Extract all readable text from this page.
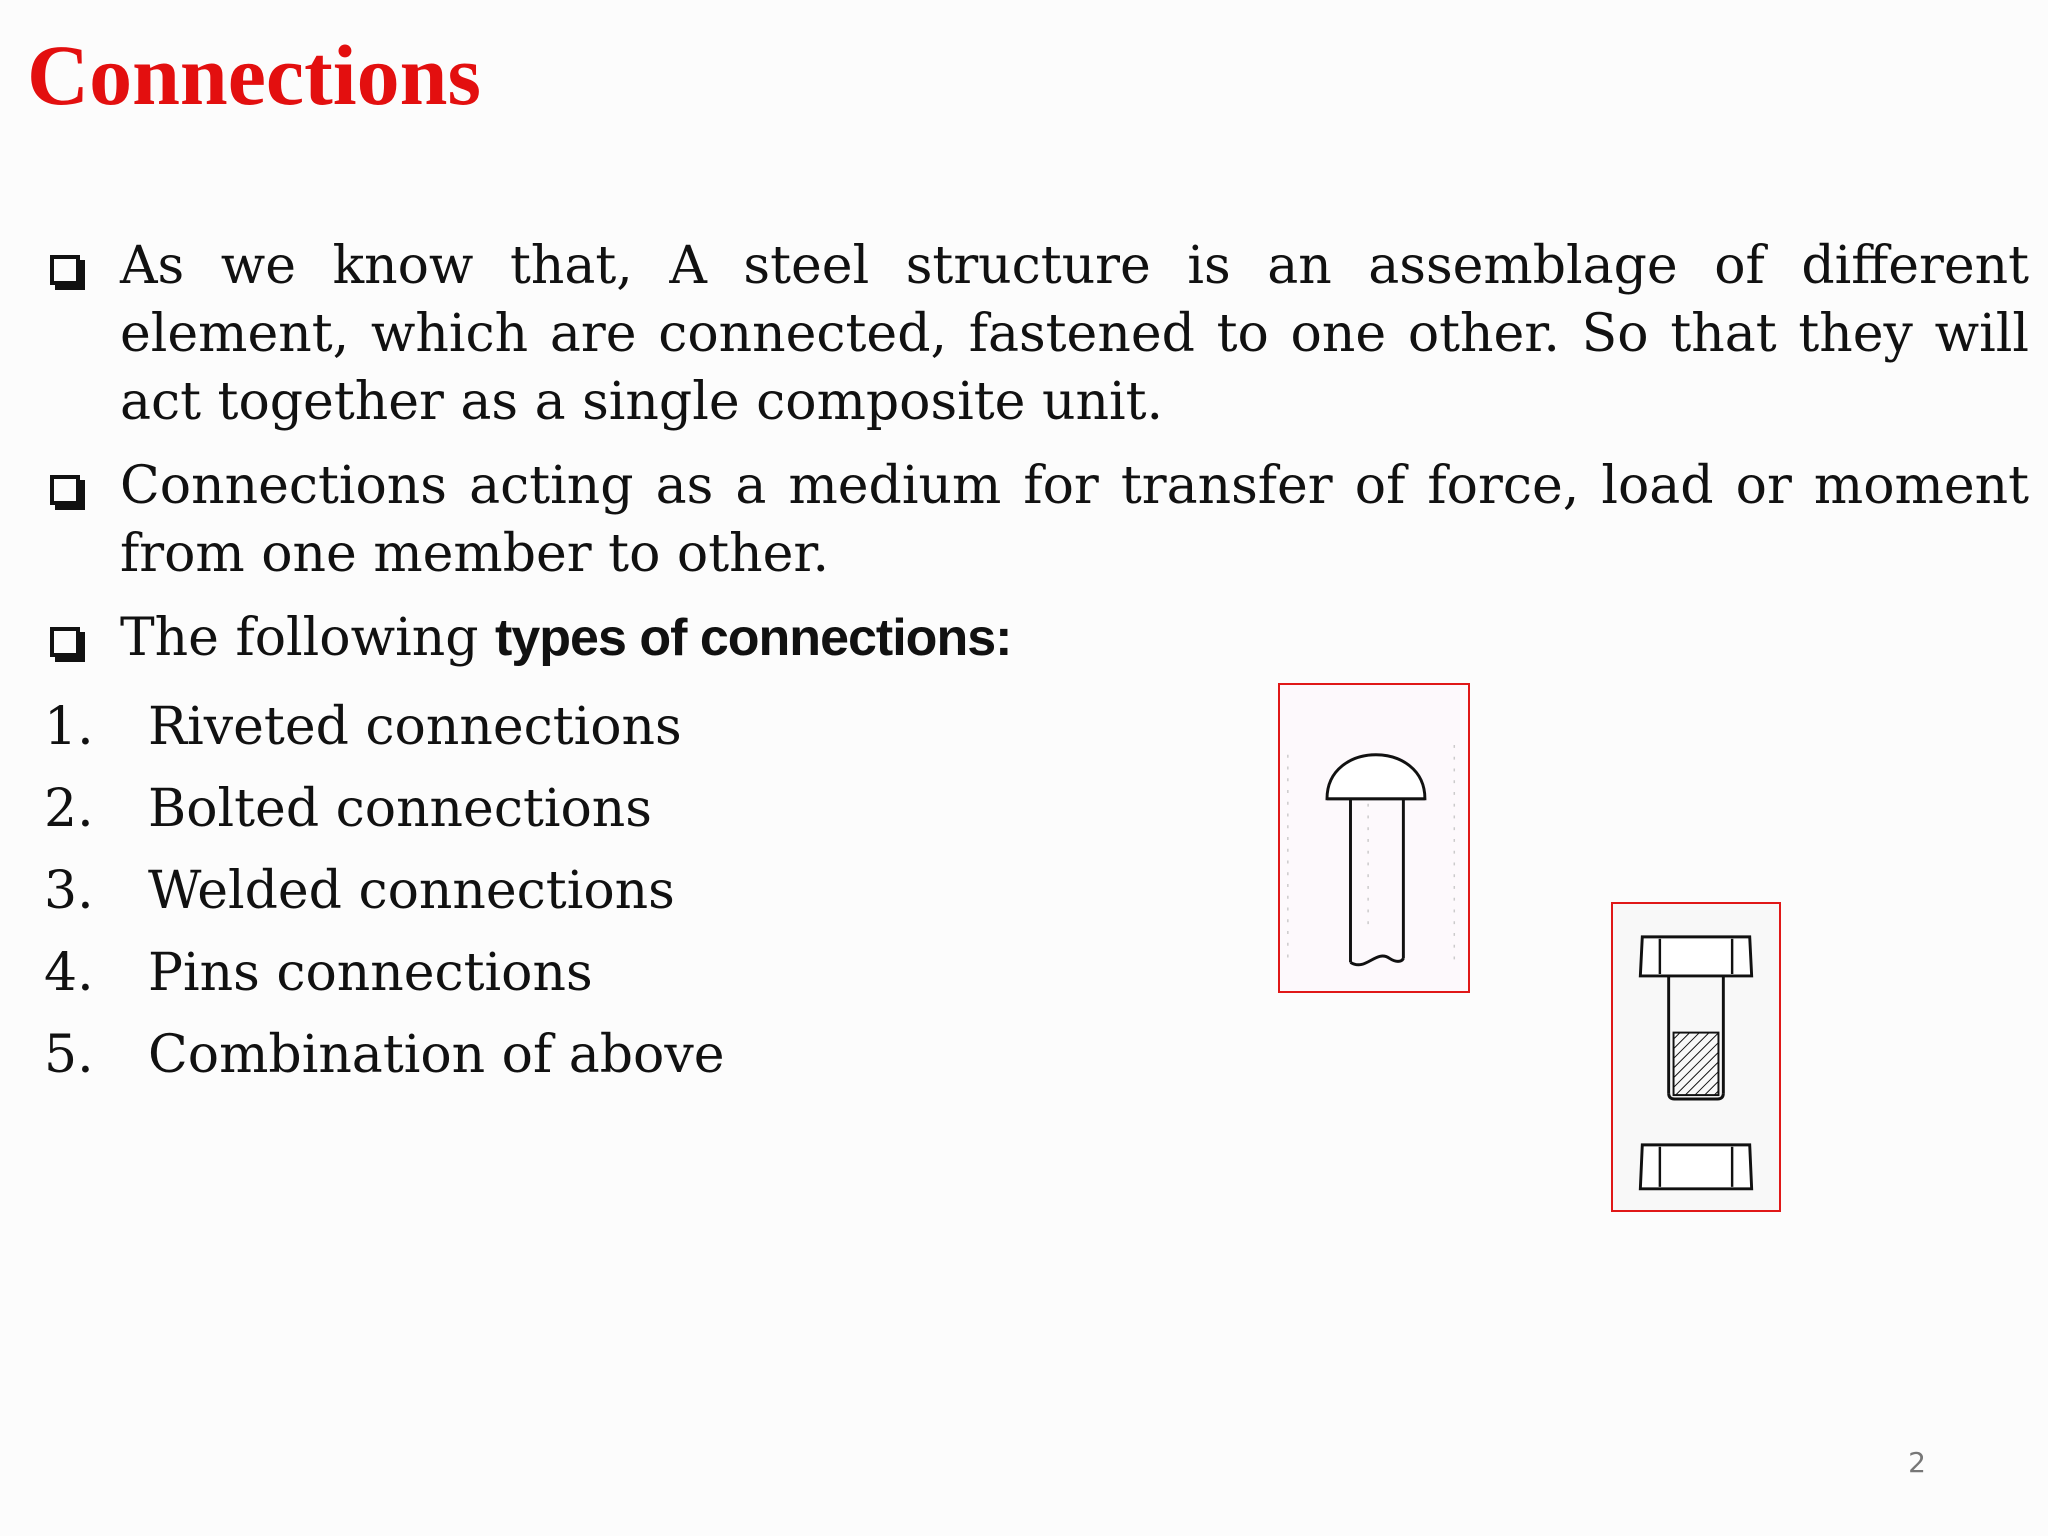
Connections
As we know that, A steel structure is an assemblage of different element, which are connected, fastened to one other. So that they will act together as a single composite unit.
Connections acting as a medium for transfer of force, load or moment from one member to other.
The following types of connections:
1.	Riveted connections
2.	Bolted connections
3.	Welded connections
4.	Pins connections
5.	Combination of above
2
